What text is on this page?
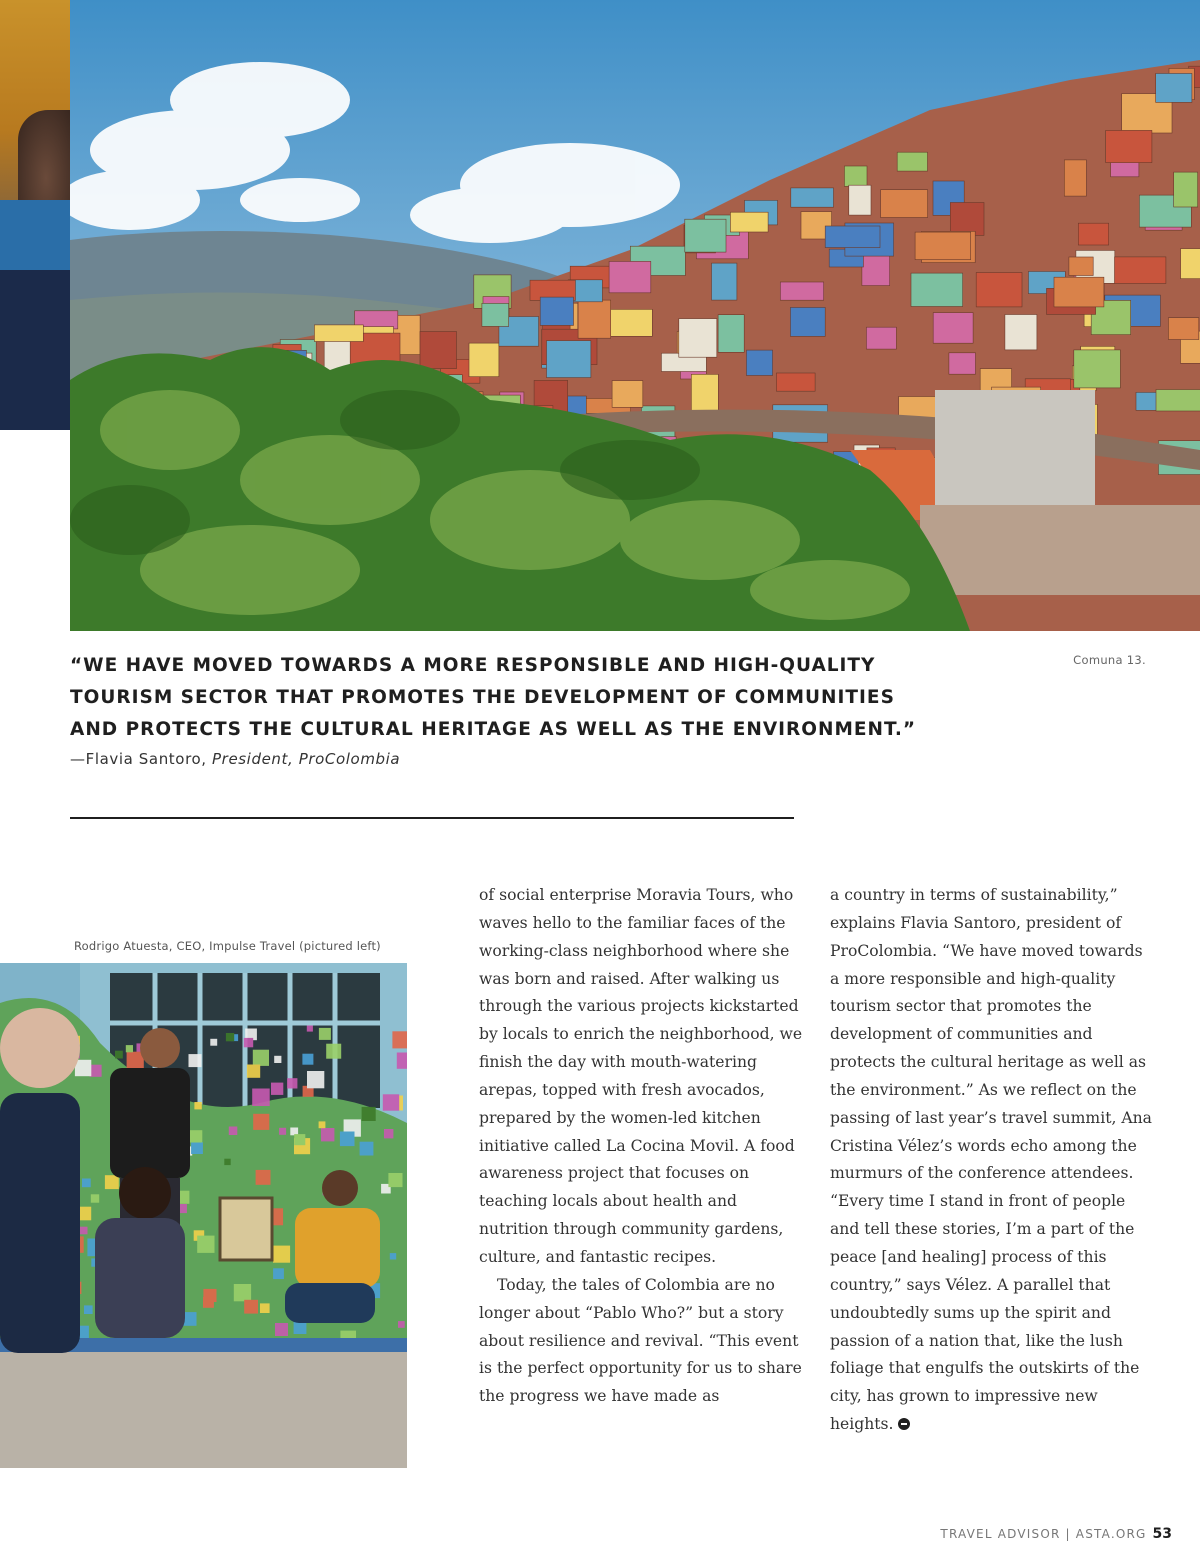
Comuna 13.
“WE HAVE MOVED TOWARDS A MORE RESPONSIBLE AND HIGH-QUALITY
TOURISM SECTOR THAT PROMOTES THE DEVELOPMENT OF COMMUNITIES
AND PROTECTS THE CULTURAL HERITAGE AS WELL AS THE ENVIRONMENT.”
—Flavia Santoro, President, ProColombia
Rodrigo Atuesta, CEO, Impulse Travel (pictured left)

of social enterprise Moravia Tours, who waves hello to the familiar faces of the working-class neighborhood where she was born and raised. After walking us through the various projects kickstarted by locals to enrich the neighborhood, we finish the day with mouth-watering arepas, topped with fresh avocados, prepared by the women-led kitchen initiative called La Cocina Movil. A food awareness project that focuses on teaching locals about health and nutrition through community gardens, culture, and fantastic recipes.

Today, the tales of Colombia are no longer about “Pablo Who?” but a story about resilience and revival. “This event is the perfect opportunity for us to share the progress we have made as

a country in terms of sustainability,” explains Flavia Santoro, president of ProColombia. “We have moved towards a more responsible and high-quality tourism sector that promotes the development of communities and protects the cultural heritage as well as the environment.” As we reflect on the passing of last year’s travel summit, Ana Cristina Vélez’s words echo among the murmurs of the conference attendees. “Every time I stand in front of people and tell these stories, I’m a part of the peace [and healing] process of this country,” says Vélez. A parallel that undoubtedly sums up the spirit and passion of a nation that, like the lush foliage that engulfs the outskirts of the city, has grown to impressive new heights.

TRAVEL ADVISOR | ASTA.ORG 53
